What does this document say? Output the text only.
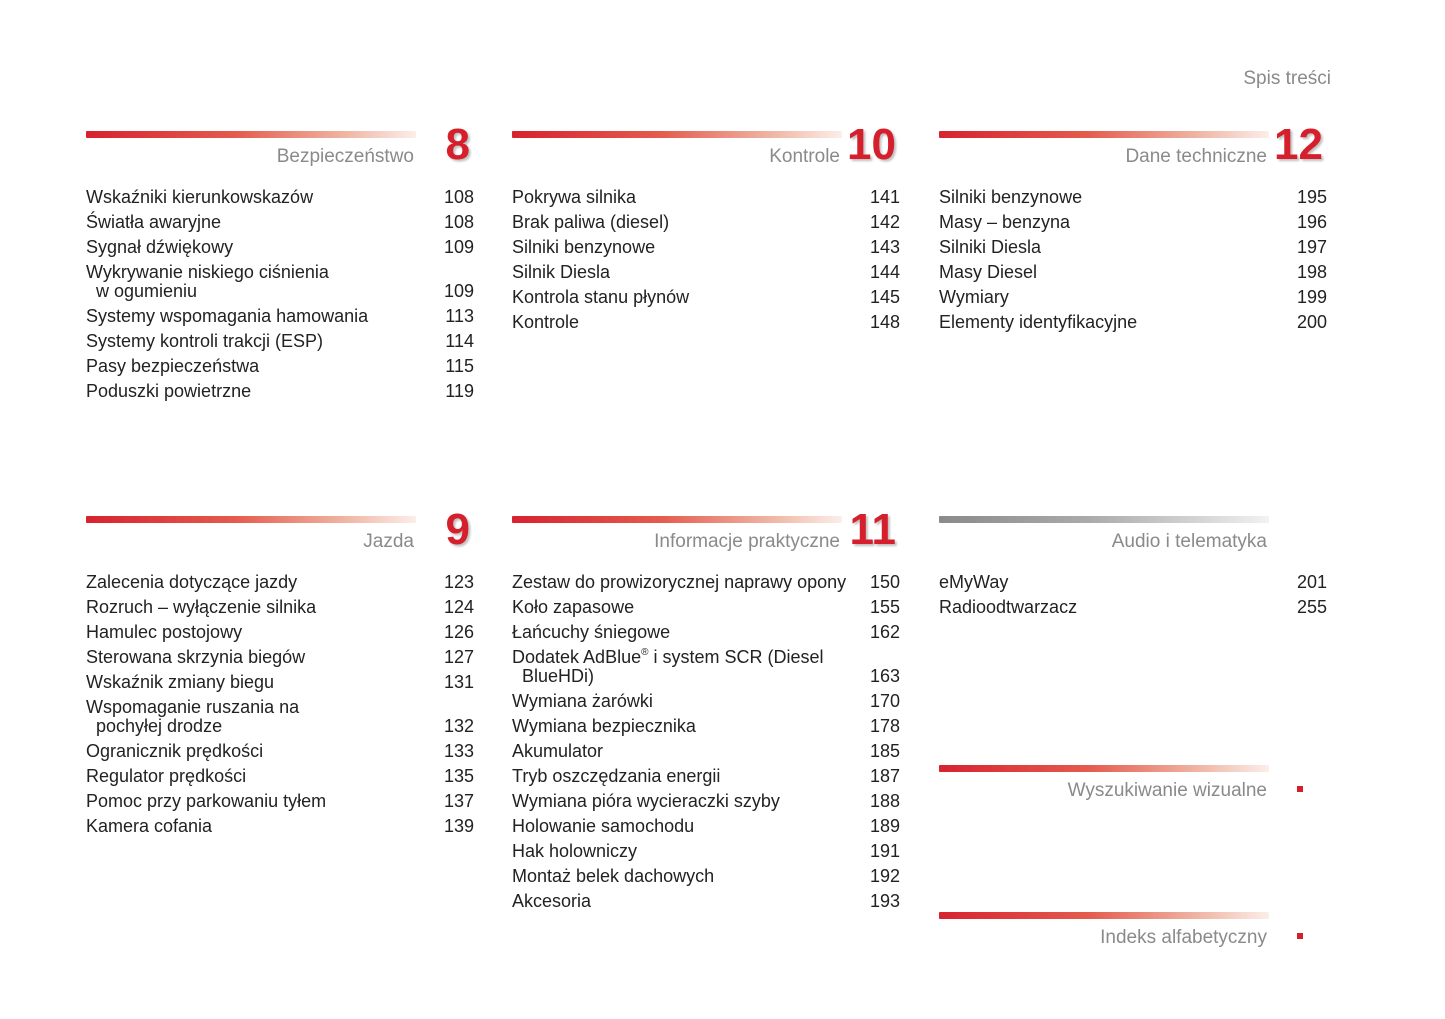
Spis treści
Bezpieczeństwo 8
Wskaźniki kierunkowskazów	108
Światła awaryjne	108
Sygnał dźwiękowy	109
Wykrywanie niskiego ciśnienia
w ogumieniu	109
Systemy wspomagania hamowania	113
Systemy kontroli trakcji (ESP)	114
Pasy bezpieczeństwa	115
Poduszki powietrzne	119
Kontrole 10
Pokrywa silnika	141
Brak paliwa (diesel)	142
Silniki benzynowe	143
Silnik Diesla	144
Kontrola stanu płynów	145
Kontrole	148
Dane techniczne 12
Silniki benzynowe	195
Masy – benzyna	196
Silniki Diesla	197
Masy Diesel	198
Wymiary	199
Elementy identyfikacyjne	200
Jazda 9
Zalecenia dotyczące jazdy	123
Rozruch – wyłączenie silnika	124
Hamulec postojowy	126
Sterowana skrzynia biegów	127
Wskaźnik zmiany biegu	131
Wspomaganie ruszania na
pochyłej drodze	132
Ogranicznik prędkości	133
Regulator prędkości	135
Pomoc przy parkowaniu tyłem	137
Kamera cofania	139
Informacje praktyczne 11
Zestaw do prowizorycznej naprawy opony	150
Koło zapasowe	155
Łańcuchy śniegowe	162
Dodatek AdBlue® i system SCR (Diesel
BlueHDi)	163
Wymiana żarówki	170
Wymiana bezpiecznika	178
Akumulator	185
Tryb oszczędzania energii	187
Wymiana pióra wycieraczki szyby	188
Holowanie samochodu	189
Hak holowniczy	191
Montaż belek dachowych	192
Akcesoria	193
Audio i telematyka
eMyWay	201
Radioodtwarzacz	255
Wyszukiwanie wizualne
Indeks alfabetyczny
